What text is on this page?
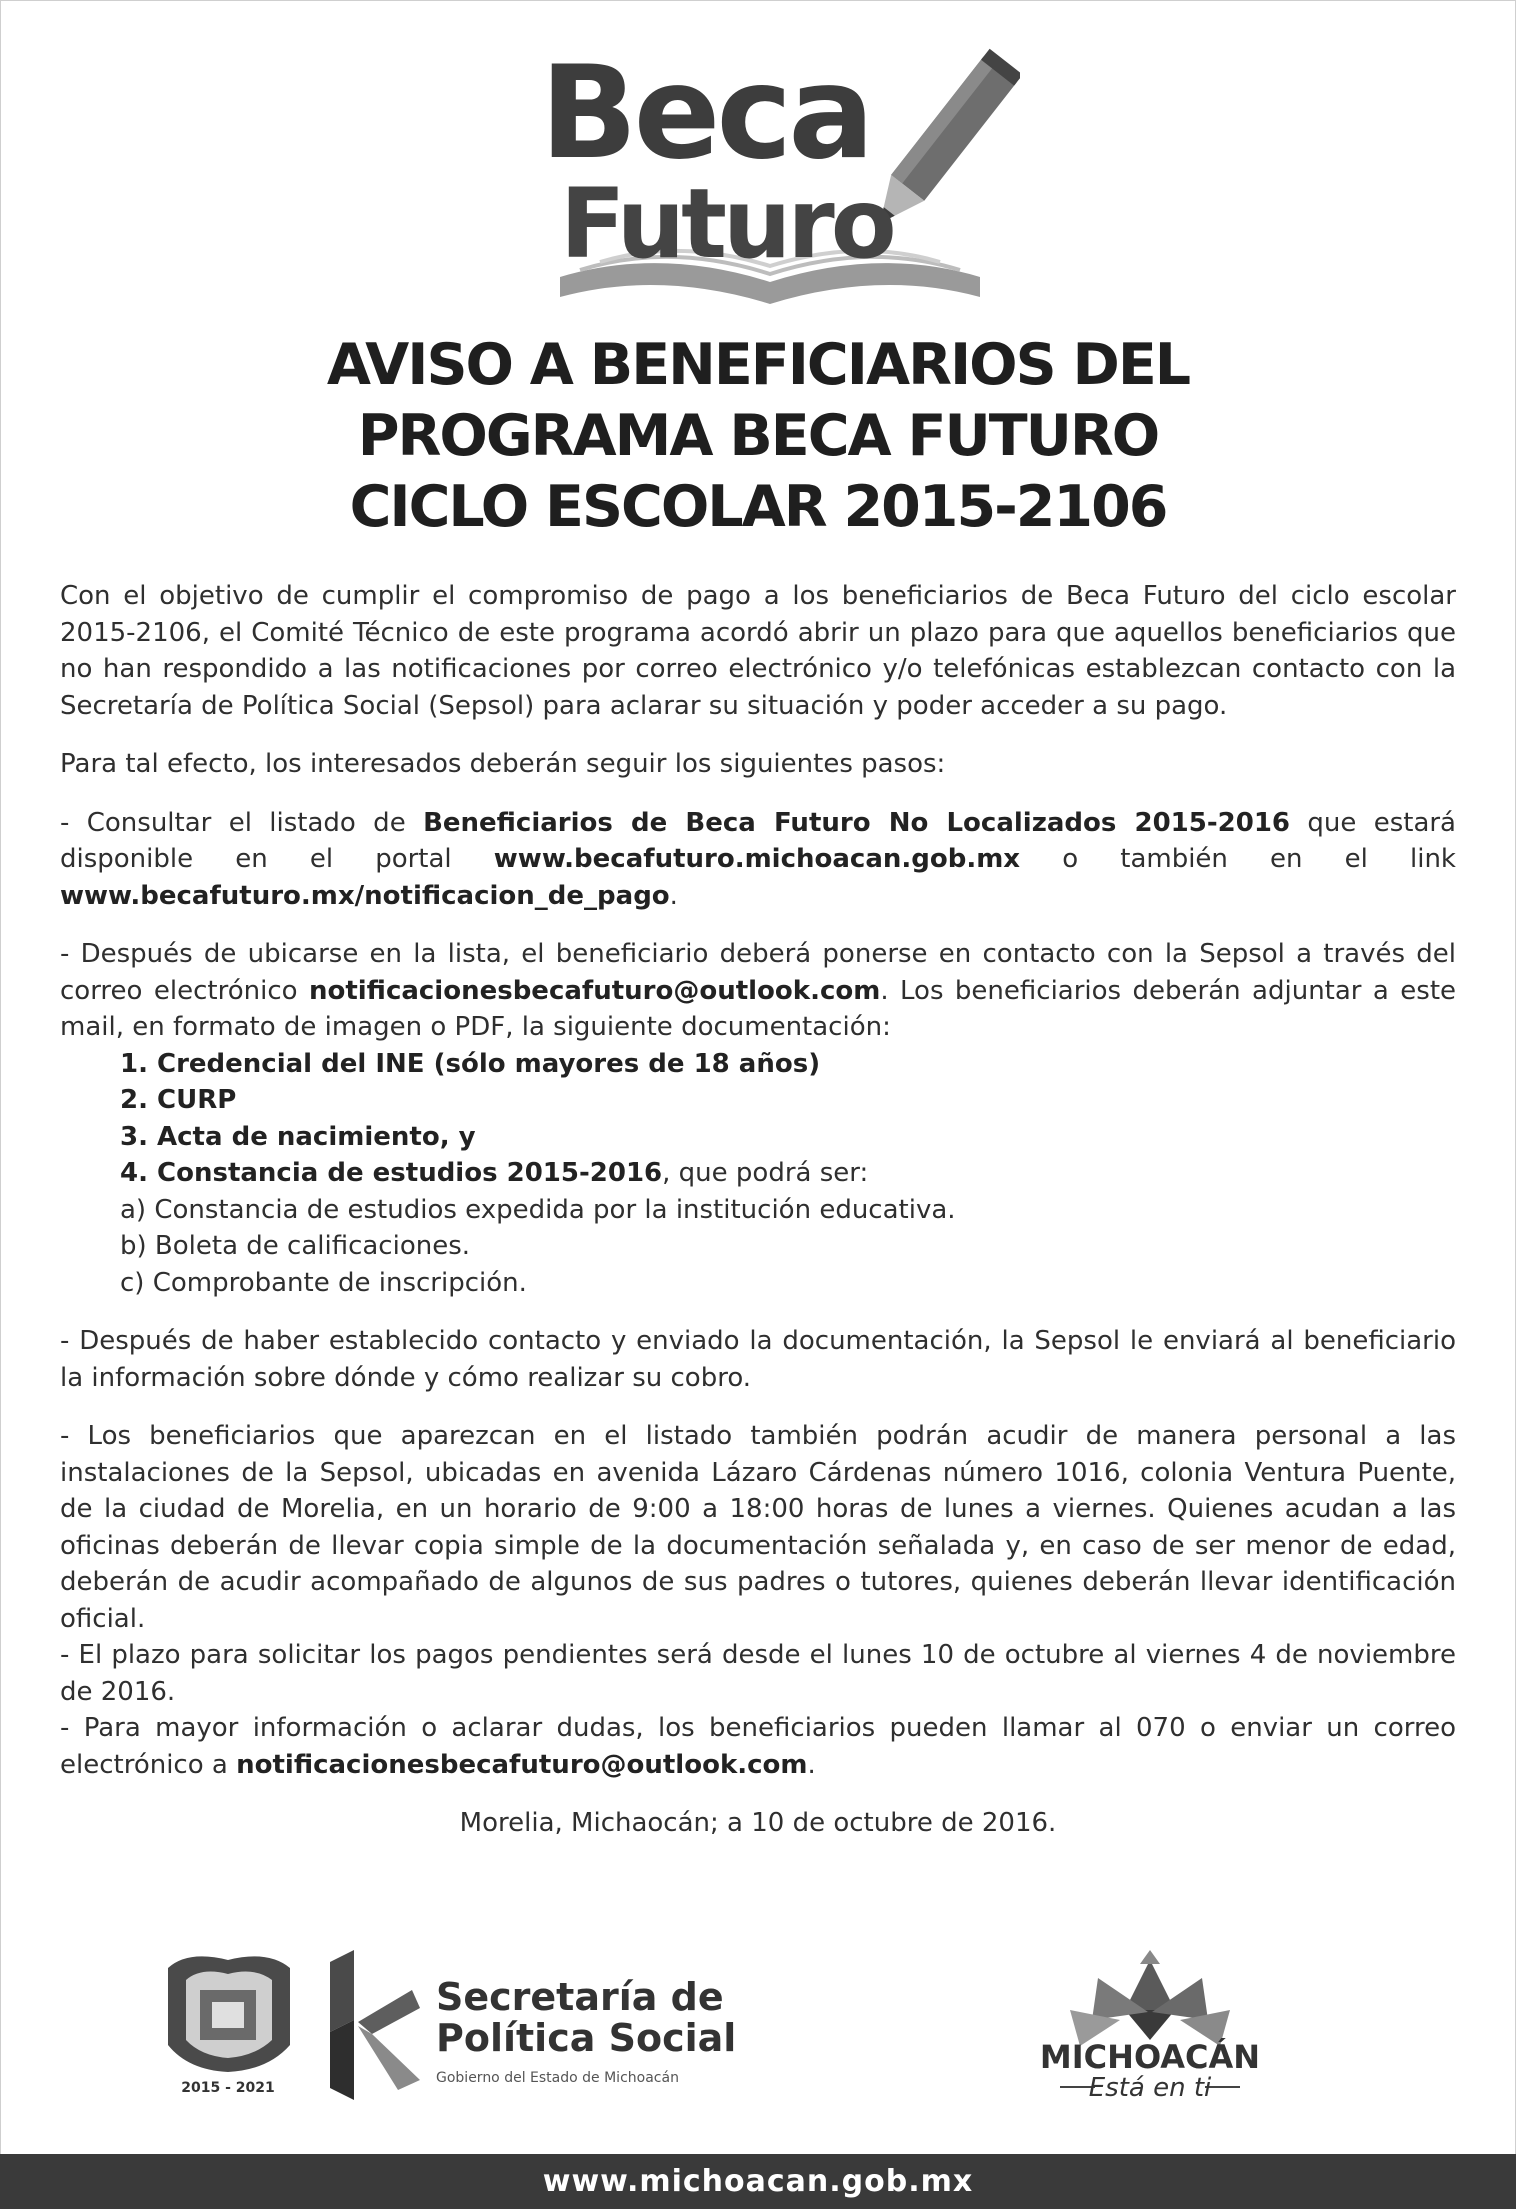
Beca
Futuro
AVISO A BENEFICIARIOS DEL
PROGRAMA BECA FUTURO
CICLO ESCOLAR 2015-2106

Con el objetivo de cumplir el compromiso de pago a los beneficiarios de Beca Futuro del ciclo escolar 2015-2106, el Comité Técnico de este programa acordó abrir un plazo para que aquellos beneficiarios que no han respondido a las notificaciones por correo electrónico y/o telefónicas establezcan contacto con la Secretaría de Política Social (Sepsol) para aclarar su situación y poder acceder a su pago.

Para tal efecto, los interesados deberán seguir los siguientes pasos:

- Consultar el listado de Beneficiarios de Beca Futuro No Localizados 2015-2016 que estará disponible en el portal www.becafuturo.michoacan.gob.mx o también en el link www.becafuturo.mx/notificacion_de_pago.

- Después de ubicarse en la lista, el beneficiario deberá ponerse en contacto con la Sepsol a través del correo electrónico notificacionesbecafuturo@outlook.com. Los beneficiarios deberán adjuntar a este mail, en formato de imagen o PDF, la siguiente documentación:

1. Credencial del INE (sólo mayores de 18 años)
2. CURP
3. Acta de nacimiento, y
4. Constancia de estudios 2015-2016, que podrá ser:
a) Constancia de estudios expedida por la institución educativa.
b) Boleta de calificaciones.
c) Comprobante de inscripción.

- Después de haber establecido contacto y enviado la documentación, la Sepsol le enviará al beneficiario la información sobre dónde y cómo realizar su cobro.

- Los beneficiarios que aparezcan en el listado también podrán acudir de manera personal a las instalaciones de la Sepsol, ubicadas en avenida Lázaro Cárdenas número 1016, colonia Ventura Puente, de la ciudad de Morelia, en un horario de 9:00 a 18:00 horas de lunes a viernes. Quienes acudan a las oficinas deberán de llevar copia simple de la documentación señalada y, en caso de ser menor de edad, deberán de acudir acompañado de algunos de sus padres o tutores, quienes deberán llevar identificación oficial.

- El plazo para solicitar los pagos pendientes será desde el lunes 10 de octubre al viernes 4 de noviembre de 2016.

- Para mayor información o aclarar dudas, los beneficiarios pueden llamar al 070 o enviar un correo electrónico a notificacionesbecafuturo@outlook.com.

Morelia, Michaocán; a 10 de octubre de 2016.
2015 - 2021
Secretaría de
Política Social
Gobierno del Estado de Michoacán
MICHOACÁN
Está en ti
www.michoacan.gob.mx
